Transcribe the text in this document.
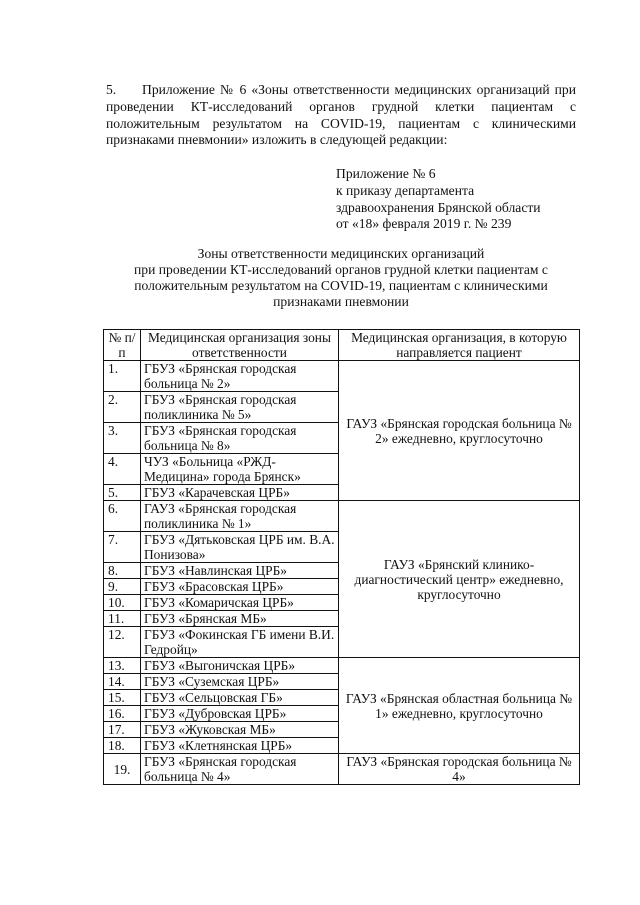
5. Приложение № 6 «Зоны ответственности медицинских организаций при проведении КТ-исследований органов грудной клетки пациентам с положительным результатом на COVID-19, пациентам с клиническими признаками пневмонии» изложить в следующей редакции:

Приложение № 6
к приказу департамента
здравоохранения Брянской области
от «18» февраля 2019 г. № 239
Зоны ответственности медицинских организаций
при проведении КТ-исследований органов грудной клетки пациентам с
положительным результатом на COVID-19, пациентам с клиническими
признаками пневмонии
№ п/п	Медицинская организация зоны ответственности	Медицинская организация, в которую направляется пациент
1.	ГБУЗ «Брянская городская больница № 2»	ГАУЗ «Брянская городская больница № 2» ежедневно, круглосуточно
2.	ГБУЗ «Брянская городская поликлиника № 5»	
3.	ГБУЗ «Брянская городская больница № 8»	
4.	ЧУЗ «Больница «РЖД-Медицина» города Брянск»	
5.	ГБУЗ «Карачевская ЦРБ»	
6.	ГАУЗ «Брянская городская поликлиника № 1»	ГАУЗ «Брянский клинико-диагностический центр» ежедневно, круглосуточно
7.	ГБУЗ «Дятьковская ЦРБ им. В.А. Понизова»	
8.	ГБУЗ «Навлинская ЦРБ»	
9.	ГБУЗ «Брасовская ЦРБ»	
10.	ГБУЗ «Комаричская ЦРБ»	
11.	ГБУЗ «Брянская МБ»	
12.	ГБУЗ «Фокинская ГБ имени В.И. Гедройц»	
13.	ГБУЗ «Выгоничская ЦРБ»	ГАУЗ «Брянская областная больница № 1» ежедневно, круглосуточно
14.	ГБУЗ «Суземская ЦРБ»	
15.	ГБУЗ «Сельцовская ГБ»	
16.	ГБУЗ «Дубровская ЦРБ»	
17.	ГБУЗ «Жуковская МБ»	
18.	ГБУЗ «Клетнянская ЦРБ»	
19.	ГБУЗ «Брянская городская больница № 4»	ГАУЗ «Брянская городская больница № 4»
